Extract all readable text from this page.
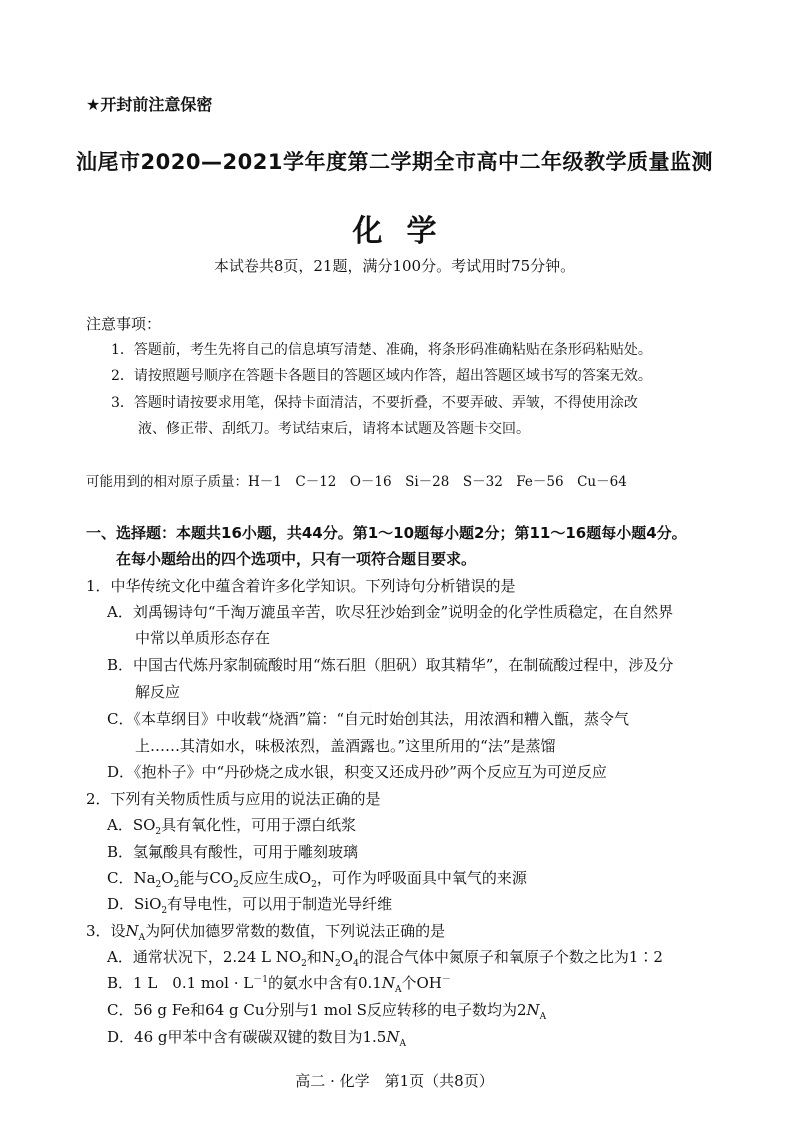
★开封前注意保密
汕尾市2020—2021学年度第二学期全市高中二年级教学质量监测
化学
本试卷共8页，21题，满分100分。考试用时75分钟。
注意事项：
1．答题前，考生先将自己的信息填写清楚、准确，将条形码准确粘贴在条形码粘贴处。
2．请按照题号顺序在答题卡各题目的答题区域内作答，超出答题区域书写的答案无效。
3．答题时请按要求用笔，保持卡面清洁，不要折叠，不要弄破、弄皱，不得使用涂改
液、修正带、刮纸刀。考试结束后，请将本试题及答题卡交回。
可能用到的相对原子质量：H－1　C－12　O－16　Si－28　S－32　Fe－56　Cu－64
一、选择题：本题共16小题，共44分。第1～10题每小题2分；第11～16题每小题4分。
在每小题给出的四个选项中，只有一项符合题目要求。
1．中华传统文化中蕴含着许多化学知识。下列诗句分析错误的是
A．刘禹锡诗句“千淘万漉虽辛苦，吹尽狂沙始到金”说明金的化学性质稳定，在自然界
中常以单质形态存在
B．中国古代炼丹家制硫酸时用“炼石胆（胆矾）取其精华”，在制硫酸过程中，涉及分
解反应
C．《本草纲目》中收载“烧酒”篇：“自元时始创其法，用浓酒和糟入甑，蒸令气
上……其清如水，味极浓烈，盖酒露也。”这里所用的“法”是蒸馏
D．《抱朴子》中“丹砂烧之成水银，积变又还成丹砂”两个反应互为可逆反应
2．下列有关物质性质与应用的说法正确的是
A．$SO_2$具有氧化性，可用于漂白纸浆
B．氢氟酸具有酸性，可用于雕刻玻璃
C．$Na_2O_2$能与$CO_2$反应生成$O_2$，可作为呼吸面具中氧气的来源
D．SiO$_2$有导电性，可以用于制造光导纤维
3．设$N_A$为阿伏加德罗常数的数值，下列说法正确的是
A．通常状况下，2.24 L $NO_2$和$N_2O_4$的混合气体中氮原子和氧原子个数之比为1∶2
B．1 L　0.1 mol · $L^{-1}$的氨水中含有$0.1N_A$个OH－
C．56 g Fe和64 g Cu分别与1 mol S反应转移的电子数均为$2N_A$
D．46 g甲苯中含有碳碳双键的数目为$1.5N_A$
高二 · 化学　第1页（共8页）
